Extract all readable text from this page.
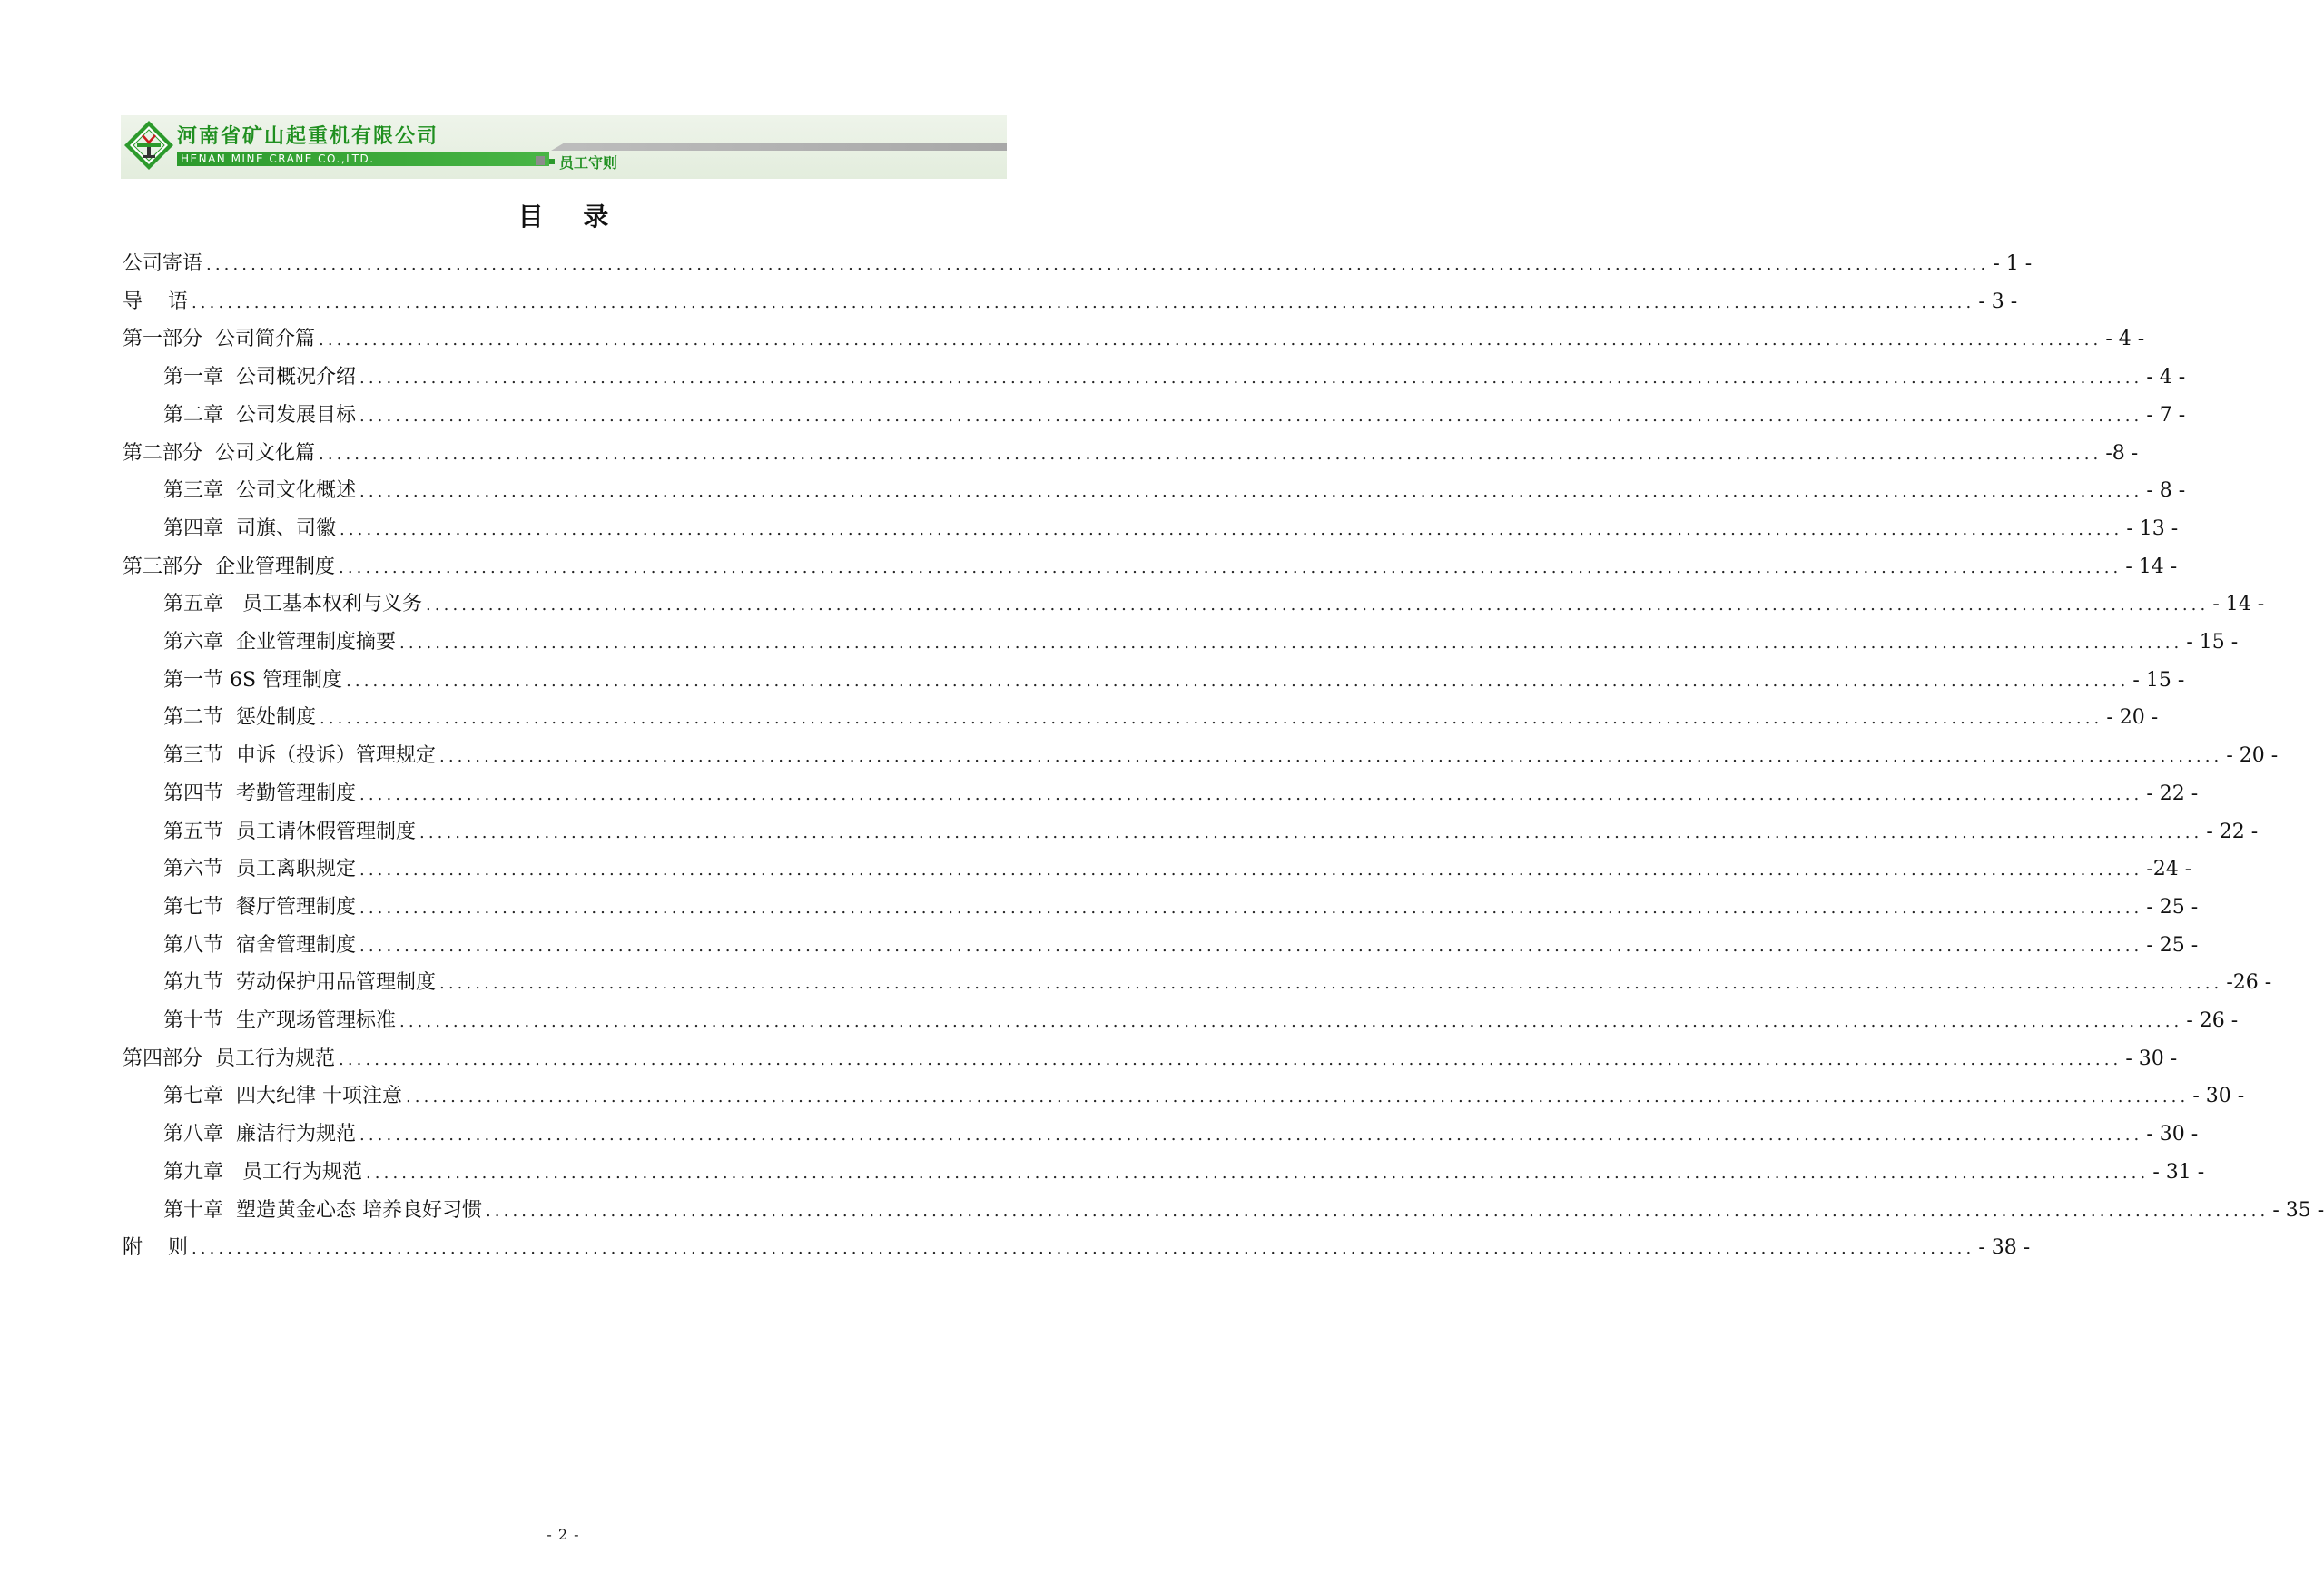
河南省矿山起重机有限公司
HENAN MINE CRANE CO.,LTD.	员工守则
目 录
公司寄语 ........................................................................................................................................................................................................ - 1 -
导    语 ........................................................................................................................................................................................................ - 3 -
第一部分  公司简介篇 ........................................................................................................................................................................................................ - 4 -
第一章  公司概况介绍 ........................................................................................................................................................................................................ - 4 -
第二章  公司发展目标 ........................................................................................................................................................................................................ - 7 -
第二部分  公司文化篇 ........................................................................................................................................................................................................ -8 -
第三章  公司文化概述 ........................................................................................................................................................................................................ - 8 -
第四章  司旗、司徽 ........................................................................................................................................................................................................ - 13 -
第三部分  企业管理制度 ........................................................................................................................................................................................................ - 14 -
第五章   员工基本权利与义务 ........................................................................................................................................................................................................ - 14 -
第六章  企业管理制度摘要 ........................................................................................................................................................................................................ - 15 -
第一节 6S 管理制度 ........................................................................................................................................................................................................ - 15 -
第二节  惩处制度 ........................................................................................................................................................................................................ - 20 -
第三节  申诉（投诉）管理规定 ........................................................................................................................................................................................................ - 20 -
第四节  考勤管理制度 ........................................................................................................................................................................................................ - 22 -
第五节  员工请休假管理制度 ........................................................................................................................................................................................................ - 22 -
第六节  员工离职规定 ........................................................................................................................................................................................................ -24 -
第七节  餐厅管理制度 ........................................................................................................................................................................................................ - 25 -
第八节  宿舍管理制度 ........................................................................................................................................................................................................ - 25 -
第九节  劳动保护用品管理制度 ........................................................................................................................................................................................................ -26 -
第十节  生产现场管理标准 ........................................................................................................................................................................................................ - 26 -
第四部分  员工行为规范 ........................................................................................................................................................................................................ - 30 -
第七章  四大纪律 十项注意 ........................................................................................................................................................................................................ - 30 -
第八章  廉洁行为规范 ........................................................................................................................................................................................................ - 30 -
第九章   员工行为规范 ........................................................................................................................................................................................................ - 31 -
第十章  塑造黄金心态 培养良好习惯 ........................................................................................................................................................................................................ - 35 -
附    则 ........................................................................................................................................................................................................ - 38 -
- 2 -
